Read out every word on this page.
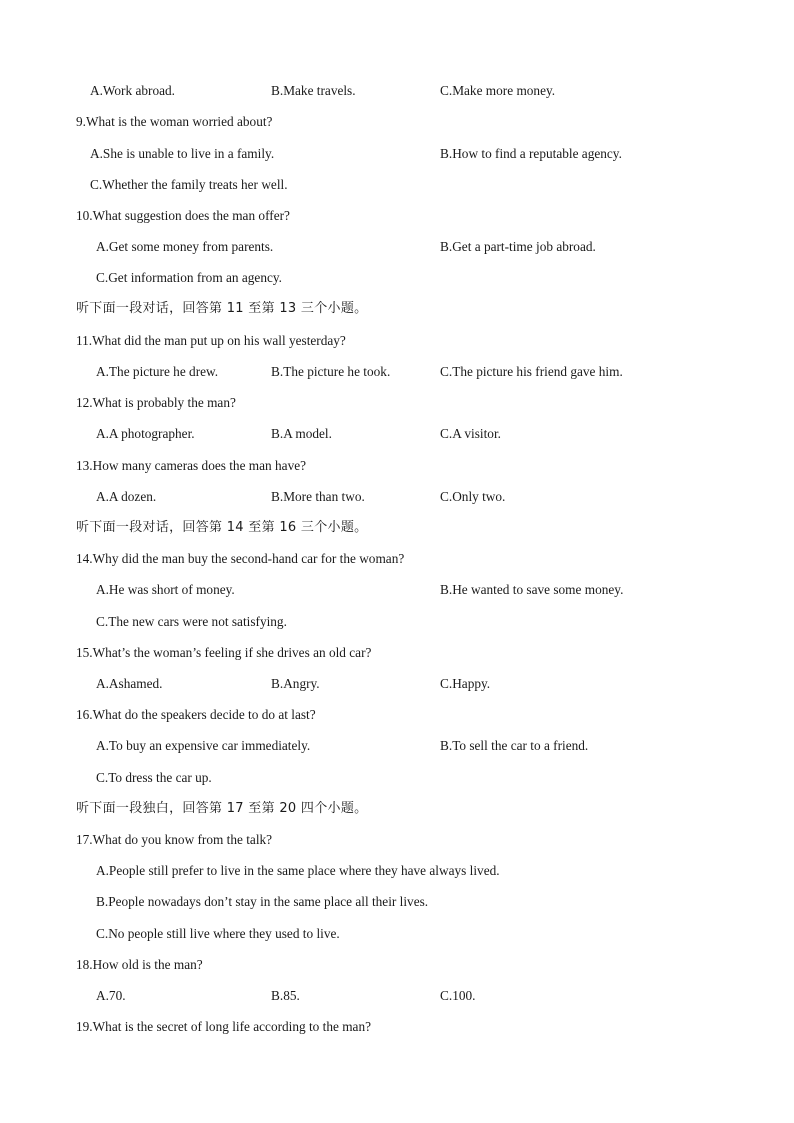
A.Work abroad.	B.Make travels.	C.Make more money.
9.What is the woman worried about?
A.She is unable to live in a family.	B.How to find a reputable agency.
C.Whether the family treats her well.
10.What suggestion does the man offer?
A.Get some money from parents.	B.Get a part-time job abroad.
C.Get information from an agency.
听下面一段对话，回答第 11 至第 13 三个小题。
11.What did the man put up on his wall yesterday?
A.The picture he drew.	B.The picture he took.	C.The picture his friend gave him.
12.What is probably the man?
A.A photographer.	B.A model.	C.A visitor.
13.How many cameras does the man have?
A.A dozen.	B.More than two.	C.Only two.
听下面一段对话，回答第 14 至第 16 三个小题。
14.Why did the man buy the second-hand car for the woman?
A.He was short of money.	B.He wanted to save some money.
C.The new cars were not satisfying.
15.What’s the woman’s feeling if she drives an old car?
A.Ashamed.	B.Angry.	C.Happy.
16.What do the speakers decide to do at last?
A.To buy an expensive car immediately.	B.To sell the car to a friend.
C.To dress the car up.
听下面一段独白，回答第 17 至第 20 四个小题。
17.What do you know from the talk?
A.People still prefer to live in the same place where they have always lived.
B.People nowadays don’t stay in the same place all their lives.
C.No people still live where they used to live.
18.How old is the man?
A.70.	B.85.	C.100.
19.What is the secret of long life according to the man?
